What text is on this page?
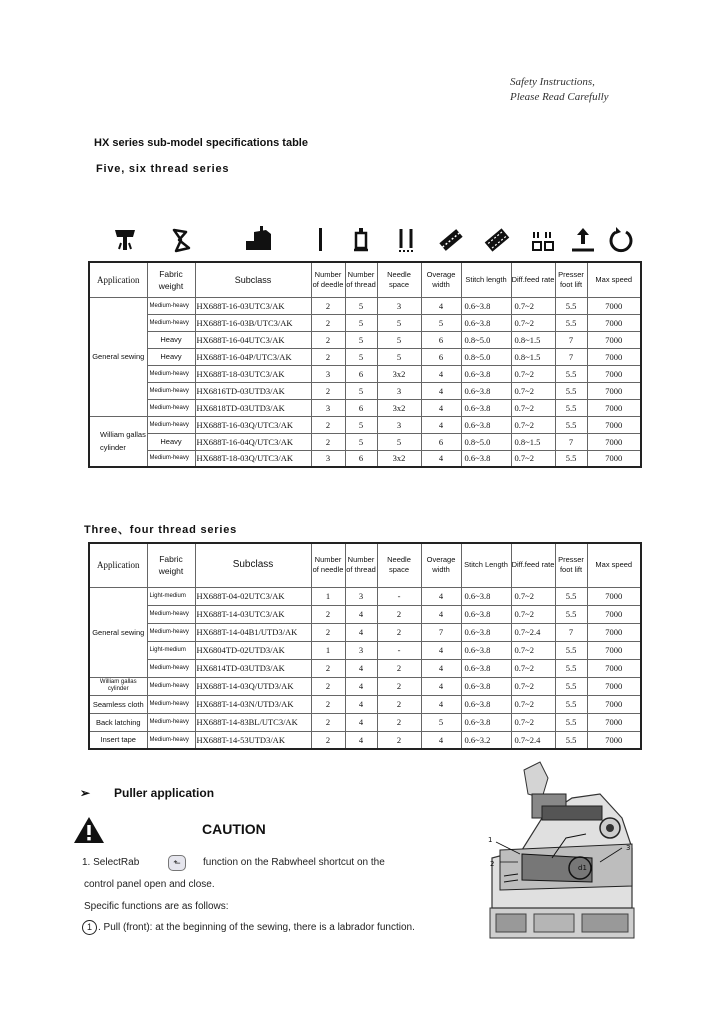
Safety Instructions,
Please Read Carefully
HX series sub-model specifications table
Five, six thread series
Application	Fabric weight	Subclass	Number of deedle	Number of thread	Needle space	Overage width	Stitch length	Diff.feed rate	Presser foot lift	Max speed
General sewing	Medium-heavy	HX688T-16-03UTC3/AK	2	5	3	4	0.6~3.8	0.7~2	5.5	7000
	Medium-heavy	HX688T-16-03B/UTC3/AK	2	5	5	5	0.6~3.8	0.7~2	5.5	7000
	Heavy	HX688T-16-04UTC3/AK	2	5	5	6	0.8~5.0	0.8~1.5	7	7000
	Heavy	HX688T-16-04P/UTC3/AK	2	5	5	6	0.8~5.0	0.8~1.5	7	7000
	Medium-heavy	HX688T-18-03UTC3/AK	3	6	3x2	4	0.6~3.8	0.7~2	5.5	7000
	Medium-heavy	HX6816TD-03UTD3/AK	2	5	3	4	0.6~3.8	0.7~2	5.5	7000
	Medium-heavy	HX6818TD-03UTD3/AK	3	6	3x2	4	0.6~3.8	0.7~2	5.5	7000
William gallas cylinder	Medium-heavy	HX688T-16-03Q/UTC3/AK	2	5	3	4	0.6~3.8	0.7~2	5.5	7000
	Heavy	HX688T-16-04Q/UTC3/AK	2	5	5	6	0.8~5.0	0.8~1.5	7	7000
	Medium-heavy	HX688T-18-03Q/UTC3/AK	3	6	3x2	4	0.6~3.8	0.7~2	5.5	7000
Three、four thread series
Application	Fabric weight	Subclass	Number of needle	Number of thread	Needle space	Overage width	Stitch Length	Diff.feed rate	Presser foot lift	Max speed
General sewing	Light-medium	HX688T-04-02UTC3/AK	1	3	-	4	0.6~3.8	0.7~2	5.5	7000
	Medium-heavy	HX688T-14-03UTC3/AK	2	4	2	4	0.6~3.8	0.7~2	5.5	7000
	Medium-heavy	HX688T-14-04B1/UTD3/AK	2	4	2	7	0.6~3.8	0.7~2.4	7	7000
	Light-medium	HX6804TD-02UTD3/AK	1	3	-	4	0.6~3.8	0.7~2	5.5	7000
	Medium-heavy	HX6814TD-03UTD3/AK	2	4	2	4	0.6~3.8	0.7~2	5.5	7000
William gallas cylinder	Medium-heavy	HX688T-14-03Q/UTD3/AK	2	4	2	4	0.6~3.8	0.7~2	5.5	7000
Seamless cloth	Medium-heavy	HX688T-14-03N/UTD3/AK	2	4	2	4	0.6~3.8	0.7~2	5.5	7000
Back latching	Medium-heavy	HX688T-14-83BL/UTC3/AK	2	4	2	5	0.6~3.8	0.7~2	5.5	7000
Insert tape	Medium-heavy	HX688T-14-53UTD3/AK	2	4	2	4	0.6~3.2	0.7~2.4	5.5	7000
➢ Puller application
CAUTION
1. SelectRab	⬑	function on the Rabwheel shortcut on the
control panel open and close.
Specific functions are as follows:
1 . Pull (front): at the beginning of the sewing, there is a labrador function.
1
2
3
d1
